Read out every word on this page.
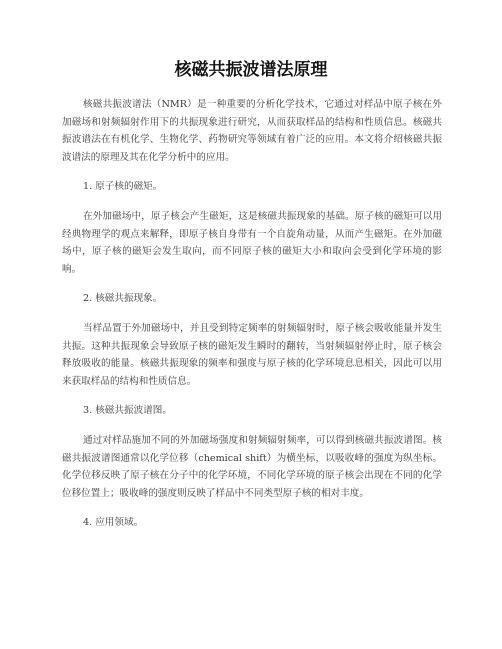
核磁共振波谱法原理

核磁共振波谱法（NMR）是一种重要的分析化学技术，它通过对样品中原子核在外加磁场和射频辐射作用下的共振现象进行研究，从而获取样品的结构和性质信息。核磁共振波谱法在有机化学、生物化学、药物研究等领域有着广泛的应用。本文将介绍核磁共振波谱法的原理及其在化学分析中的应用。

1. 原子核的磁矩。

在外加磁场中，原子核会产生磁矩，这是核磁共振现象的基础。原子核的磁矩可以用经典物理学的观点来解释，即原子核自身带有一个自旋角动量，从而产生磁矩。在外加磁场中，原子核的磁矩会发生取向，而不同原子核的磁矩大小和取向会受到化学环境的影响。

2. 核磁共振现象。

当样品置于外加磁场中，并且受到特定频率的射频辐射时，原子核会吸收能量并发生共振。这种共振现象会导致原子核的磁矩发生瞬时的翻转，当射频辐射停止时，原子核会释放吸收的能量。核磁共振现象的频率和强度与原子核的化学环境息息相关，因此可以用来获取样品的结构和性质信息。

3. 核磁共振波谱图。

通过对样品施加不同的外加磁场强度和射频辐射频率，可以得到核磁共振波谱图。核磁共振波谱图通常以化学位移（chemical shift）为横坐标，以吸收峰的强度为纵坐标。化学位移反映了原子核在分子中的化学环境，不同化学环境的原子核会出现在不同的化学位移位置上；吸收峰的强度则反映了样品中不同类型原子核的相对丰度。

4. 应用领域。
